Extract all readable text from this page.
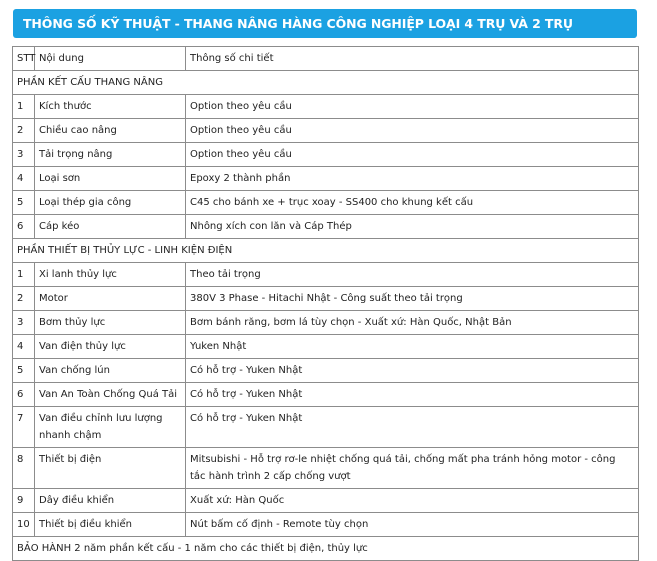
THÔNG SỐ KỸ THUẬT - THANG NÂNG HÀNG CÔNG NGHIỆP LOẠI 4 TRỤ VÀ 2 TRỤ
STT	Nội dung	Thông số chi tiết
PHẦN KẾT CẤU THANG NÂNG		
1	Kích thước	Option theo yêu cầu
2	Chiều cao nâng	Option theo yêu cầu
3	Tải trọng nâng	Option theo yêu cầu
4	Loại sơn	Epoxy 2 thành phần
5	Loại thép gia công	C45 cho bánh xe + trục xoay - SS400 cho khung kết cấu
6	Cáp kéo	Nhông xích con lăn và Cáp Thép
PHẦN THIẾT BỊ THỦY LỰC - LINH KIỆN ĐIỆN		
1	Xi lanh thủy lực	Theo tải trọng
2	Motor	380V 3 Phase - Hitachi Nhật - Công suất theo tải trọng
3	Bơm thủy lực	Bơm bánh răng, bơm lá tùy chọn - Xuất xứ: Hàn Quốc, Nhật Bản
4	Van điện thủy lực	Yuken Nhật
5	Van chống lún	Có hỗ trợ - Yuken Nhật
6	Van An Toàn Chống Quá Tải	Có hỗ trợ - Yuken Nhật
7	Van điều chỉnh lưu lượng nhanh chậm	Có hỗ trợ - Yuken Nhật
8	Thiết bị điện	Mitsubishi - Hỗ trợ rơ-le nhiệt chống quá tải, chống mất pha tránh hỏng motor - công tắc hành trình 2 cấp chống vượt
9	Dây điều khiển	Xuất xứ: Hàn Quốc
10	Thiết bị điều khiển	Nút bấm cố định - Remote tùy chọn
BẢO HÀNH 2 năm phần kết cấu - 1 năm cho các thiết bị điện, thủy lực		
